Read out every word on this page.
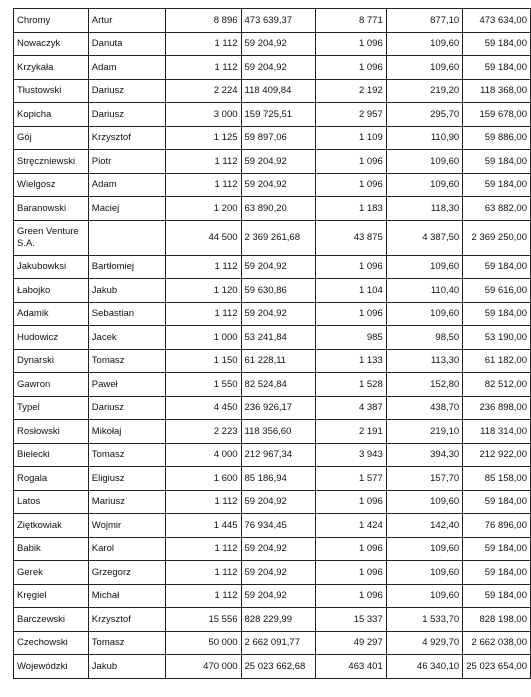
Chromy	Artur	8 896	473 639,37	8 771	877,10	473 634,00
Nowaczyk	Danuta	1 112	59 204,92	1 096	109,60	59 184,00
Krzykała	Adam	1 112	59 204,92	1 096	109,60	59 184,00
Tłustowski	Dariusz	2 224	118 409,84	2 192	219,20	118 368,00
Kopicha	Dariusz	3 000	159 725,51	2 957	295,70	159 678,00
Gój	Krzysztof	1 125	59 897,06	1 109	110,90	59 886,00
Stręczniewski	Piotr	1 112	59 204,92	1 096	109,60	59 184,00
Wielgosz	Adam	1 112	59 204,92	1 096	109,60	59 184,00
Baranowski	Maciej	1 200	63 890,20	1 183	118,30	63 882,00
Green Venture S.A.		44 500	2 369 261,68	43 875	4 387,50	2 369 250,00
Jakubowksi	Bartłomiej	1 112	59 204,92	1 096	109,60	59 184,00
Łabojko	Jakub	1 120	59 630,86	1 104	110,40	59 616,00
Adamik	Sebastian	1 112	59 204,92	1 096	109,60	59 184,00
Hudowicz	Jacek	1 000	53 241,84	985	98,50	53 190,00
Dynarski	Tomasz	1 150	61 228,11	1 133	113,30	61 182,00
Gawron	Paweł	1 550	82 524,84	1 528	152,80	82 512,00
Typel	Dariusz	4 450	236 926,17	4 387	438,70	236 898,00
Rosłowski	Mikołaj	2 223	118 356,60	2 191	219,10	118 314,00
Bielecki	Tomasz	4 000	212 967,34	3 943	394,30	212 922,00
Rogala	Eligiusz	1 600	85 186,94	1 577	157,70	85 158,00
Latos	Mariusz	1 112	59 204,92	1 096	109,60	59 184,00
Ziętkowiak	Wojmir	1 445	76 934,45	1 424	142,40	76 896,00
Babik	Karol	1 112	59 204,92	1 096	109,60	59 184,00
Gerek	Grzegorz	1 112	59 204,92	1 096	109,60	59 184,00
Kręgiel	Michał	1 112	59 204,92	1 096	109,60	59 184,00
Barczewski	Krzysztof	15 556	828 229,99	15 337	1 533,70	828 198,00
Czechowski	Tomasz	50 000	2 662 091,77	49 297	4 929,70	2 662 038,00
Wojewódzki	Jakub	470 000	25 023 662,68	463 401	46 340,10	25 023 654,00
